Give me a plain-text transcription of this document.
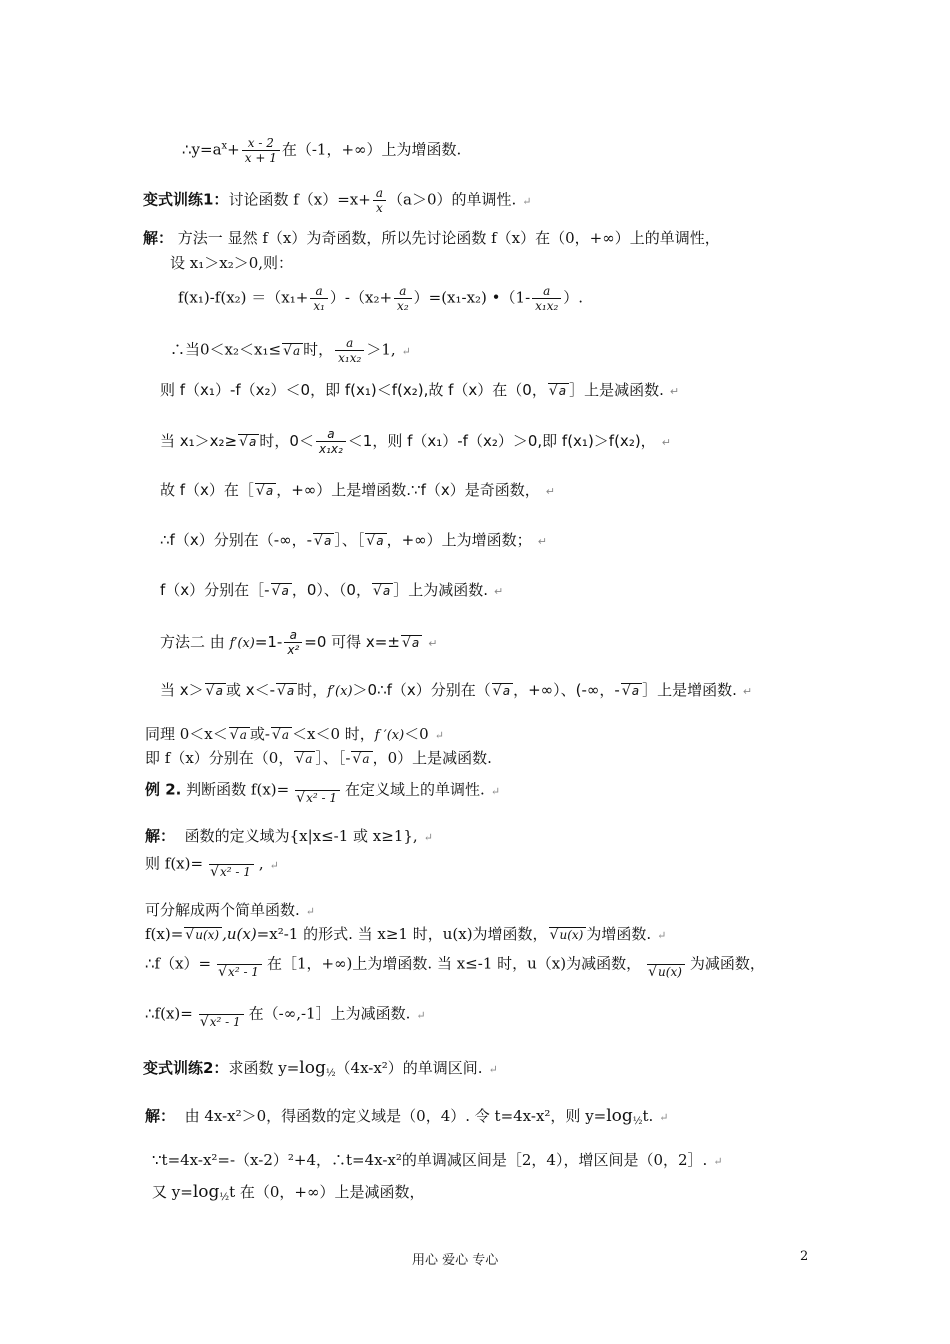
$\therefore y=a^x+ \frac{x - 2}{x + 1}$ 在（-1，+∞）上为增函数.
变式训练1：讨论函数 $f(x)=x+ \frac{a}{x} (a>0)$的单调性. ↵
解： 方法一 显然 f（x）为奇函数，所以先讨论函数 f（x）在（0，+∞）上的单调性，
设 x₁＞x₂＞0,则：
$f(x_1)-f(x_2) =(x_1+ \frac{a}{\text{x₁}} )-(x_2+ \frac{a}{\text{x₂}} )=(x_1-x_2)$ •（1- $\frac{a}{\text{x₁x₂}}$ ）.
∴当0＜x₂＜x₁≤ √ a 时， $\frac{a}{\text{x₁x₂}} >1$, ↵
则 f（x₁）-f（x₂）＜0，即 f(x₁)＜f(x₂),故 f（x）在（0， √ a ］上是减函数. ↵
当 x₁＞x₂≥ √ a 时，$0< \frac{a}{\text{x₁x₂}} <1$，则 f（x₁）-f（x₂）＞0,即 f(x₁)＞f(x₂)， ↵
故 f（x）在［ √ a ，+∞）上是增函数.∵f（x）是奇函数， ↵
∴f（x）分别在（-∞，- √ a ］、［ √ a ，+∞）上为增函数； ↵
f（x）分别在［- √ a ，0）、（0， √ a ］上为减函数. ↵
方法二 由 $f'(x)=1- \frac{a}{\text{x²}} =0$ 可得 x=± √ a ↵
当 x＞ √ a 或 x＜- √ a 时，f′(x)＞0∴f（x）分别在（ √ a ，+∞）、(-∞，- √ a ］上是增函数. ↵
同理 0＜x＜ √ a 或- √ a ＜x＜0 时，f ′(x)＜0 ↵
即 f（x）分别在（0， √ a ］、［- √ a ，0）上是减函数.
例 2. 判断函数 f(x)=
	√ x² - 1 在定义域上的单调性. ↵
解： 函数的定义域为{x|x≤-1 或 x≥1}, ↵
则 f(x)=
	√ x² - 1 , ↵
可分解成两个简单函数. ↵
f(x)= √ u(x) ,u(x)=x²-1 的形式. 当 x≥1 时，u(x)为增函数， √ u(x) 为增函数. ↵
∴f（x）=
	√ x² - 1 在［1，+∞)上为增函数. 当 x≤-1 时，u（x)为减函数，
	√ u(x) 为减函数，
∴f(x)=
	√ x² - 1 在（-∞,-1］上为减函数. ↵
变式训练2：求函数 $y=\log_{\frac{1}{2}}(4x-x^2)$的单调区间. ↵
解： 由 4x-x²＞0，得函数的定义域是（0，4）. 令 t=4x-x²，则 $y=\log_{\frac{1}{2}}t$. ↵
∵t=4x-x²=-（x-2）²+4，∴t=4x-x²的单调减区间是［2，4），增区间是（0，2］. ↵
又 $y=\log_{\frac{1}{2}}t$ 在（0，+∞）上是减函数，
用心 爱心 专心	2
